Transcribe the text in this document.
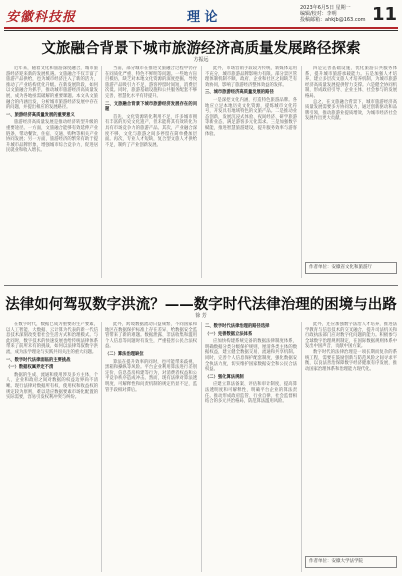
安徽科技报	理 论
2023年6月5日 星期一
编辑/校对：李明
投稿邮箱：ahkjb@163.com 11
文旅融合背景下城市旅游经济高质量发展路径探索
方振远

近年来，随着文化和旅游深度融合，城市旅游经济迎来新的发展机遇。文旅融合不仅丰富了旅游产品供给，也为城市经济注入了新的活力，推动了产业结构优化升级。在新发展阶段，如何以文旅融合为抓手，推动城市旅游经济高质量发展，成为各地亟需破解的重要课题。本文从文旅融合的内涵出发，分析城市旅游经济发展中存在的问题，并提出相应的发展路径。

一、旅游经济高质量发展的重要意义

旅游经济高质量发展是推动经济转型升级的重要途径。一方面，文旅融合能够有效延伸产业链条，带动餐饮、住宿、交通、购物等相关产业协同发展；另一方面，旅游经济的繁荣有助于提升城市品牌形象，增强城市综合竞争力，促进居民就业和收入增长。

当前，部分城市在推进文旅融合过程中仍存在同质化严重、特色不鲜明等问题。一些地方盲目模仿，缺乏对本地文化资源的深度挖掘，导致旅游产品吸引力不足，游客停留时间短，消费层次低。同时，旅游基础设施和公共服务配套不够完善，智慧化水平有待提升。

二、文旅融合背景下城市旅游经济发展存在的问题

首先，文化资源转化利用不足，许多城市拥有丰富的历史文化遗产，但未能将其有效转化为具有市场竞争力的旅游产品。其次，产业融合深度不够，文化与旅游之间多停留在简单叠加层面。再次，专业人才短缺，复合型文旅人才供给不足，制约了产业创新发展。

此外，市场营销手段较为传统，新媒体运用不充分，城市旅游品牌影响力有限。部分景区管理体制机制不顺，政府、企业和社区之间缺乏有效协同，影响了旅游经济整体效益的发挥。

三、城市旅游经济高质量发展的路径

一是深挖文化内涵，打造特色旅游品牌。各地应立足本地历史文化资源，提炼城市文化符号，开发具有地域特色的文旅产品。二是推动业态创新，发展沉浸式体验、夜间经济、研学旅游等新业态，满足游客多元化需求。三是加强数字赋能，推进智慧旅游建设，提升服务效率与游客体验。

四是完善基础设施，优化旅游公共服务体系，提升城市旅游承载能力。五是加强人才培养，建立多层次文旅人才培养机制，为城市旅游经济高质量发展提供智力支撑。六是健全协同机制，形成政府引导、企业主体、社会参与的发展格局。

总之，在文旅融合背景下，城市旅游经济高质量发展需要多方协同发力，通过创新驱动和品牌引领，推动旅游业提质增效，为城市经济社会发展作出更大贡献。

作者单位：安徽省文化和旅游厅
法律如何驾驭数字洪流？——数字时代法律治理的困境与出路
徐 芳

在数字时代，数据已成为重要的生产要素，以人工智能、大数据、云计算为代表的新一代信息技术深刻改变着社会生活方式和治理模式。与此同时，数字技术的快速发展也给传统法律体系带来了前所未有的挑战，如何以法律驾驭数字洪流，成为法学理论与实践共同关注的重大问题。

一、数字时代法律面临的主要挑战

（一）数据权属界定不清

数据的生成、流通和使用涉及多方主体，个人、企业和政府之间对数据的权益边界尚不清晰。现行法律对数据所有权、使用权和收益权的规定较为原则，难以适应数据要素市场化配置的实际需要，容易引发权利冲突与纠纷。

此外，跨境数据流动日益频繁，不同国家和地区在数据保护标准上存在差异，给数据安全监管带来了新的难题。数据泄露、非法收集和滥用个人信息等问题时有发生，严重侵害公民合法权益。

（二）算法治理缺位

算法在提升效率的同时，也可能带来歧视、黑箱和操纵等风险。平台企业利用算法进行差别定价、信息茧房构建等行为，对消费者权益和公平竞争秩序造成冲击。然而，现有法律对算法透明度、可解释性和问责机制的规定仍显不足，监管手段相对滞后。

二、数字时代法律治理的路径选择

（一）完善数据立法体系

应加快构建系统完备的数据法律制度体系，明确数据分类分级保护规则，厘清各类主体的数据权益，建立健全数据交易、流通和共享机制。同时，完善个人信息保护配套制度，强化数据安全执法力度，切实维护国家数据安全和公民合法权益。

（二）强化算法规制

应建立算法备案、评估和审计制度，提高算法透明度和可解释性，明确平台企业的算法责任。推动形成政府监管、行业自律、社会监督相结合的多元共治格局，防范算法滥用风险。

此外，还应加强数字法治人才培养，推进法学教育与信息技术的交叉融合，提升司法机关和行政执法部门应对数字化问题的能力。积极参与全球数字治理规则制定，在国际数据规则体系中发出中国声音、贡献中国方案。

数字时代的法律治理是一项长期而复杂的系统工程，需要在鼓励创新与防范风险之间寻求平衡，以良法善治保障数字经济健康有序发展，推动国家治理体系和治理能力现代化。

作者单位：安徽大学法学院
